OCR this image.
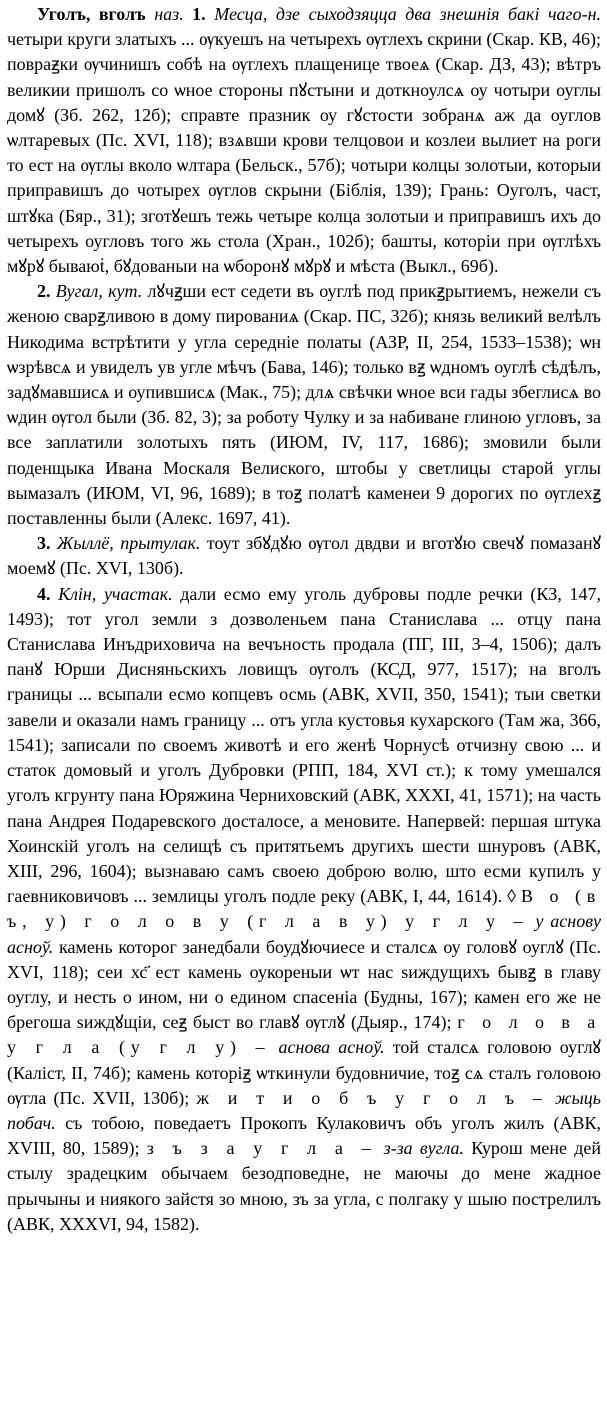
Уголъ, вголъ наз. 1. Месца, дзе сыходзяцца два знешнія бакі чаго-н. четыри круги златыхъ ... ѹкуешъ на четырехъ ѹглехъ скрини (Скар. КВ, 46); повраꙃки ѹчинишъ собѣ на ѹглехъ плащенице твоеѧ (Скар. ДЗ, 43); вѣтръ великии пришолъ со ѡное стороны пꙋстыни и доткноулсѧ оу чотыри оуглы домꙋ (Зб. 262, 12б); справте празник оу гꙋстости зобранѧ аж да оуглов ѡлтаревых (Пс. XVI, 118); взѧвши крови телцовои и козлеи вылиет на роги то ест на ѹглы вколо ѡлтара (Бельск., 57б); чотыри колцы золотыи, которыи приправишъ до чотырех ѹглов скрыни (Біблія, 139); Грань: Оуголъ, част, штꙋка (Бяр., 31); зготꙋешъ тежь четыре колца золотыи и приправишъ ихъ до четырехъ оугловъ того жь стола (Хран., 102б); башты, которіи при ѹглѣхъ мꙋрꙋ бываюṫ, бꙋдованыи на ѡборонꙋ мꙋрꙋ и мѣста (Выкл., 69б).

2. Вугал, кут. лꙋчꙃши ест седети въ оуглѣ под прикꙃрытиемъ, нежели съ женою сварꙃливою в дому пированиѧ (Скар. ПС, 32б); князь великий велѣлъ Никодима встрѣтити у угла середніе полаты (АЗР, II, 254, 1533–1538); ѡн ѡзрѣвсѧ и увиделъ ув угле мѣчъ (Бава, 146); только вꙃ ѡдномъ оуглѣ сѣдѣлъ, задꙋмавшисѧ и оупившисѧ (Мак., 75); длѧ свѣчки ѡное вси гады збеглисѧ во ѡдин ѹгол были (Зб. 82, 3); за роботу Чулку и за набиване глиною угловъ, за все заплатили золотыхъ пять (ИЮМ, IV, 117, 1686); змовили были поденщыка Ивана Москаля Велиского, штобы у светлицы старой углы вымазалъ (ИЮМ, VI, 96, 1689); в тоꙃ полатѣ каменеи 9 дорогих по ѹглехꙃ поставленны были (Алекс. 1697, 41).

3. Жыллё, прытулак. тоут збꙋдꙋю ѹгол двдви и вготꙋю свечꙋ помазанꙋ моемꙋ (Пс. XVI, 130б).

4. Клін, участак. дали есмо ему уголь дубровы подле речки (КЗ, 147, 1493); тот угол земли з дозволеньем пана Станислава ... отцу пана Станислава Инъдриховича на вечъность продала (ПГ, III, 3–4, 1506); далъ панꙋ Юрши Дисняньскихъ ловищъ ѹголъ (КСД, 977, 1517); на вголъ границы ... всыпали есмо копцевъ осмь (АВК, XVII, 350, 1541); тыи светки завели и оказали намъ границу ... отъ угла кустовья кухарского (Там жа, 366, 1541); записали по своемъ животѣ и его женѣ Чорнусѣ отчизну свою ... и статок домовый и уголъ Дубровки (РПП, 184, XVI ст.); к тому умешался уголъ кгрунту пана Юряжина Черниховский (АВК, XXXI, 41, 1571); на часть пана Андрея Подаревского досталосе, а меновите. Напервей: першая штука Хоинскій уголъ на селищѣ съ притятьемъ другихъ шести шнуровъ (АВК, XIII, 296, 1604); вызнаваю самъ своею доброю волю, што есми купилъ у гаевниковичовъ ... землицы уголъ подле реку (АВК, I, 44, 1614). ◊ В о (в ъ, у) г о л о в у (г л а в у) у г л у – у аснову асноў. камень которог занедбали боудꙋючиесе и сталсѧ оу головꙋ оуглꙋ (Пс. XVI, 118); сеи хс҃ ест камень оукореныи ѡт нас ѕиждущихъ бывꙃ в главу оуглу, и несть о ином, ни о едином спасеніа (Будны, 167); камен его же не брегоша ѕиждꙋщіи, сеꙃ быст во главꙋ ѹглꙋ (Дыяр., 174); г о л о в а у г л а (у г л у) – аснова асноў. той сталсѧ головою оуглꙋ (Каліст, II, 74б); камень которіꙃ ѡткинули будовничие, тоꙃ сѧ сталъ головою ѹгла (Пс. XVII, 130б); ж и т и о б ъ у г о л ъ – жыць побач. съ тобою, поведаетъ Прокопъ Кулаковичъ объ уголъ жилъ (АВК, XVIII, 80, 1589); з ъ з а у г л а – з-за вугла. Курош мене дей стылу зрадецким обычаем безодповедне, не маючы до мене жадное прычыны и ниякого зайстя зо мною, зъ за угла, с полгаку у шыю пострелилъ (АВК, XXXVI, 94, 1582).
